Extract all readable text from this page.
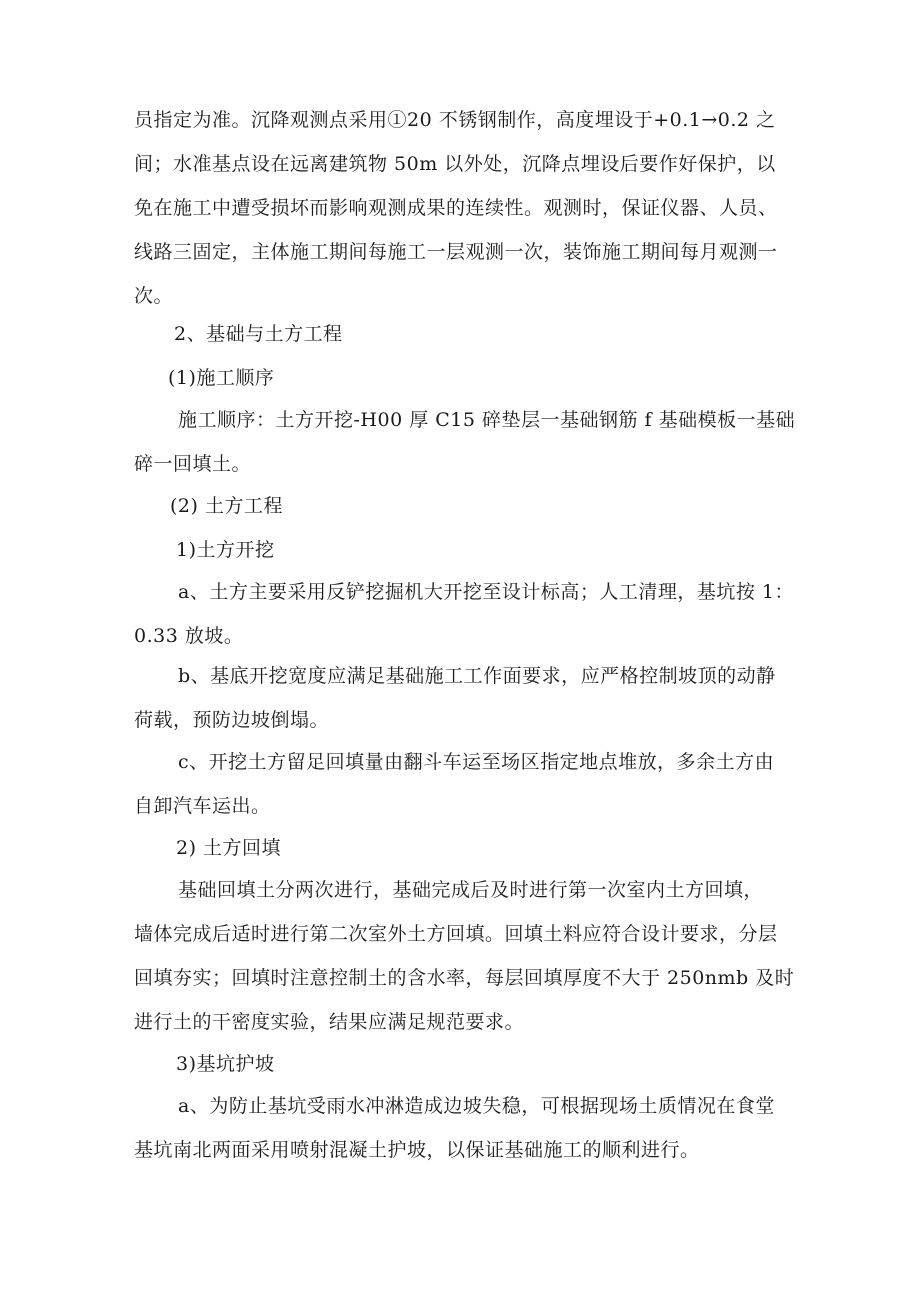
员指定为准。沉降观测点采用①20 不锈钢制作，高度埋设于+0.1→0.2 之
间；水准基点设在远离建筑物 50m 以外处，沉降点埋设后要作好保护，以
免在施工中遭受损坏而影响观测成果的连续性。观测时，保证仪器、人员、
线路三固定，主体施工期间每施工一层观测一次，装饰施工期间每月观测一
次。
2、基础与土方工程
(1)施工顺序
施工顺序：土方开挖-H00 厚 C15 碎垫层一基础钢筋 f 基础模板一基础
碎一回填土。
(2) 土方工程
1)土方开挖
a、土方主要采用反铲挖掘机大开挖至设计标高；人工清理，基坑按 1：
0.33 放坡。
b、基底开挖宽度应满足基础施工工作面要求，应严格控制坡顶的动静
荷载，预防边坡倒塌。
c、开挖土方留足回填量由翻斗车运至场区指定地点堆放，多余土方由
自卸汽车运出。
2) 土方回填
基础回填土分两次进行，基础完成后及时进行第一次室内土方回填，
墙体完成后适时进行第二次室外土方回填。回填土料应符合设计要求，分层
回填夯实；回填时注意控制土的含水率，每层回填厚度不大于 250nmb 及时
进行土的干密度实验，结果应满足规范要求。
3)基坑护坡
a、为防止基坑受雨水冲淋造成边坡失稳，可根据现场土质情况在食堂
基坑南北两面采用喷射混凝土护坡，以保证基础施工的顺利进行。
